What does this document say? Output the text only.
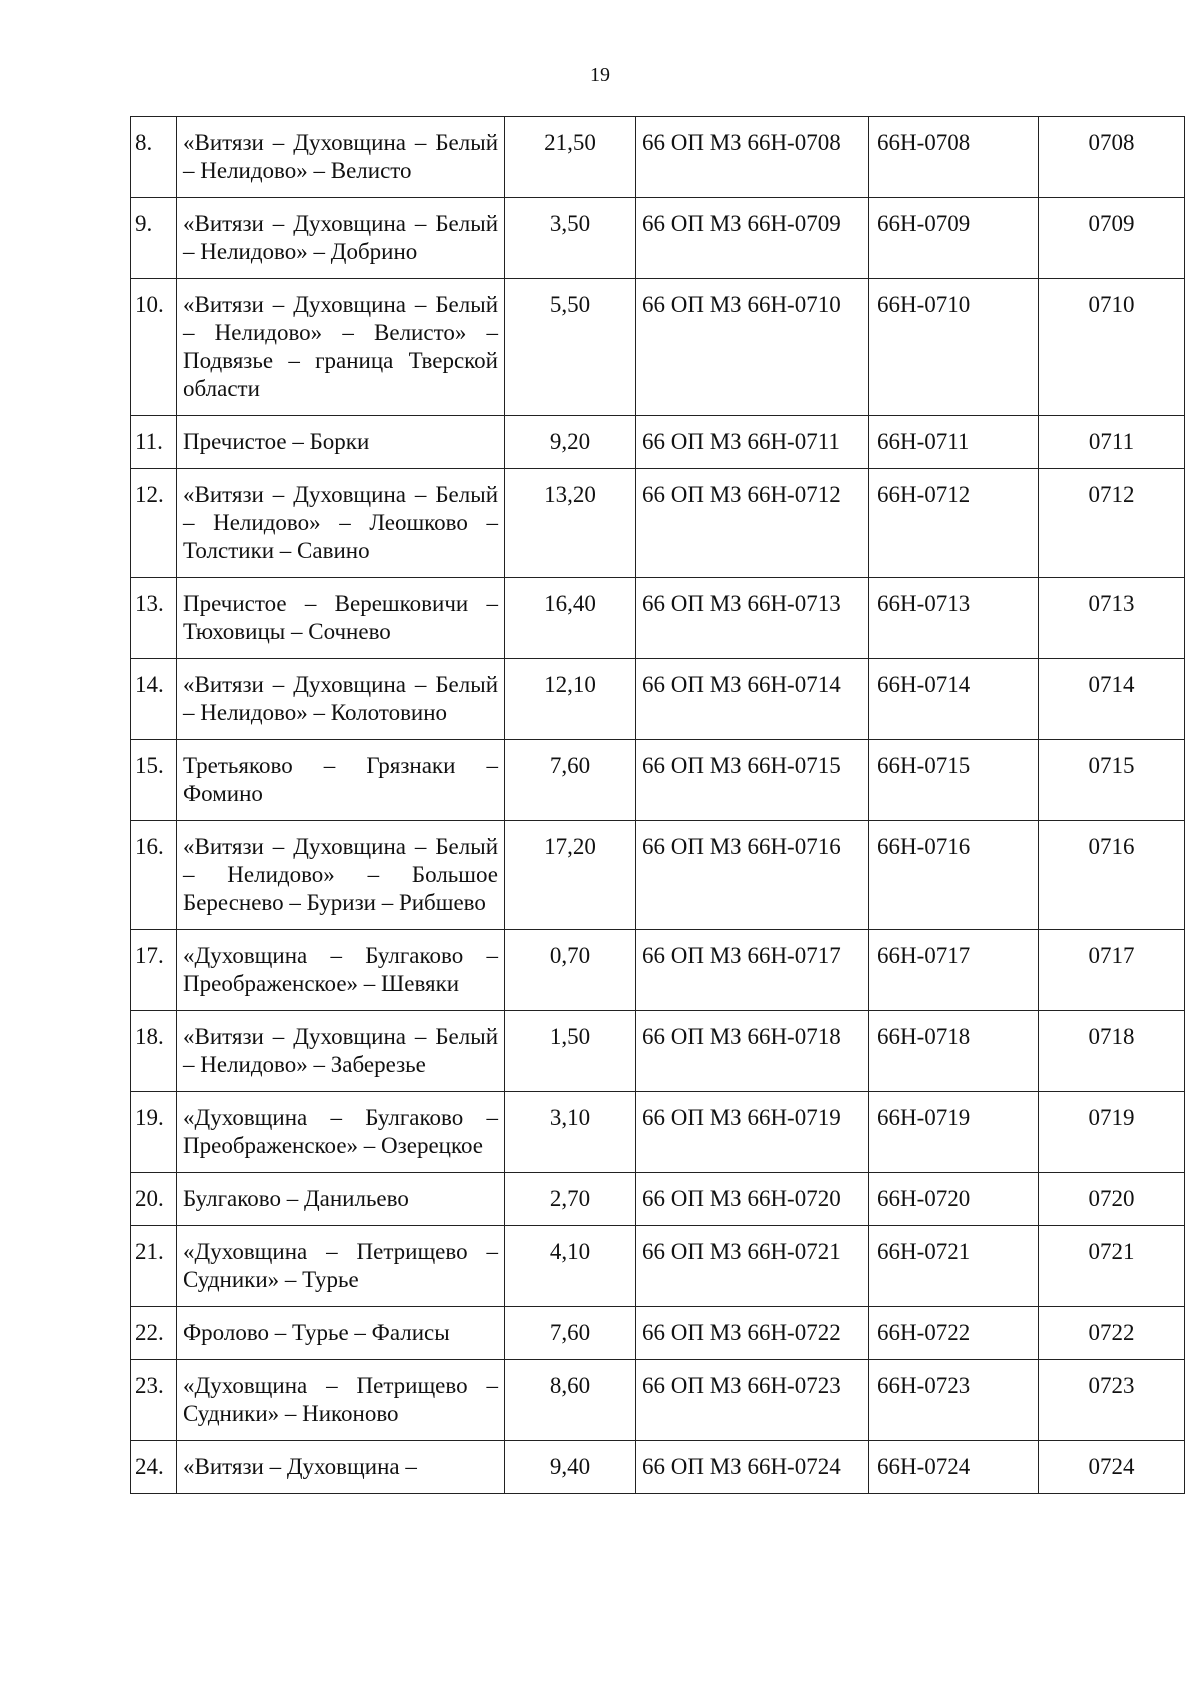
19
8.	«Витязи – Духовщина – Белый – Нелидово» – Велисто	21,50	66 ОП МЗ 66Н-0708	66Н-0708	0708
9.	«Витязи – Духовщина – Белый – Нелидово» – Добрино	3,50	66 ОП МЗ 66Н-0709	66Н-0709	0709
10.	«Витязи – Духовщина – Белый – Нелидово» – Велисто» – Подвязье – граница Тверской области	5,50	66 ОП МЗ 66Н-0710	66Н-0710	0710
11.	Пречистое – Борки	9,20	66 ОП МЗ 66Н-0711	66Н-0711	0711
12.	«Витязи – Духовщина – Белый – Нелидово» – Леошково – Толстики – Савино	13,20	66 ОП МЗ 66Н-0712	66Н-0712	0712
13.	Пречистое – Верешковичи – Тюховицы – Сочнево	16,40	66 ОП МЗ 66Н-0713	66Н-0713	0713
14.	«Витязи – Духовщина – Белый – Нелидово» – Колотовино	12,10	66 ОП МЗ 66Н-0714	66Н-0714	0714
15.	Третьяково – Грязнаки – Фомино	7,60	66 ОП МЗ 66Н-0715	66Н-0715	0715
16.	«Витязи – Духовщина – Белый – Нелидово» – Большое Береснево – Буризи – Рибшево	17,20	66 ОП МЗ 66Н-0716	66Н-0716	0716
17.	«Духовщина – Булгаково – Преображенское» – Шевяки	0,70	66 ОП МЗ 66Н-0717	66Н-0717	0717
18.	«Витязи – Духовщина – Белый – Нелидово» – Заберезье	1,50	66 ОП МЗ 66Н-0718	66Н-0718	0718
19.	«Духовщина – Булгаково – Преображенское» – Озерецкое	3,10	66 ОП МЗ 66Н-0719	66Н-0719	0719
20.	Булгаково – Данильево	2,70	66 ОП МЗ 66Н-0720	66Н-0720	0720
21.	«Духовщина – Петрищево – Судники» – Турье	4,10	66 ОП МЗ 66Н-0721	66Н-0721	0721
22.	Фролово – Турье – Фалисы	7,60	66 ОП МЗ 66Н-0722	66Н-0722	0722
23.	«Духовщина – Петрищево – Судники» – Никоново	8,60	66 ОП МЗ 66Н-0723	66Н-0723	0723
24.	«Витязи – Духовщина –	9,40	66 ОП МЗ 66Н-0724	66Н-0724	0724
